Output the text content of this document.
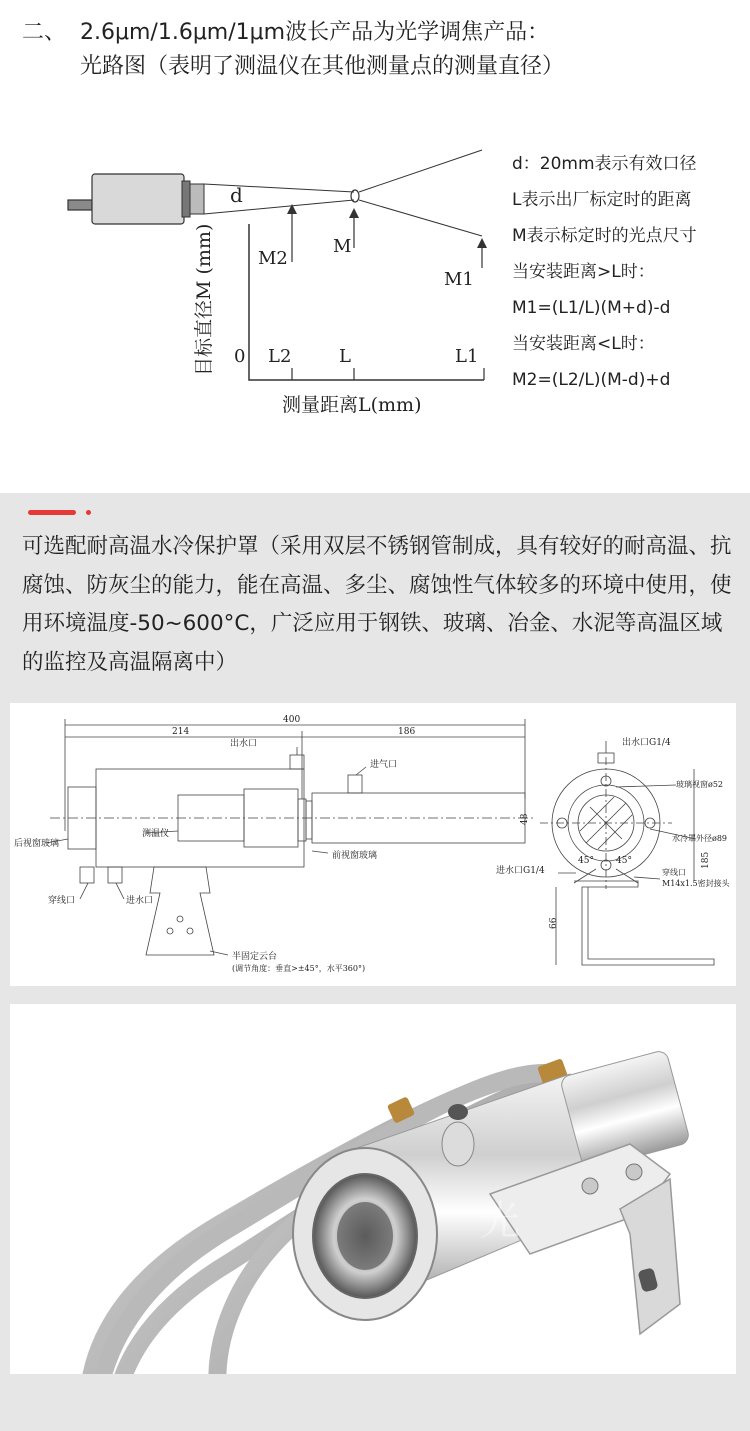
二、 2.6μm/1.6μm/1μm波长产品为光学调焦产品：
光路图（表明了测温仪在其他测量点的测量直径）
d
M2
M
M1
0 L2	L	L1
目标直径M (mm)
测量距离L(mm)
d：20mm表示有效口径
L表示出厂标定时的距离
M表示标定时的光点尺寸
当安装距离>L时：
M1=(L1/L)(M+d)-d
当安装距离<L时：
M2=(L2/L)(M-d)+d
可选配耐高温水冷保护罩（采用双层不锈钢管制成，具有较好的耐高温、抗腐蚀、防灰尘的能力，能在高温、多尘、腐蚀性气体较多的环境中使用，使用环境温度-50~600°C，广泛应用于钢铁、玻璃、冶金、水泥等高温区域的监控及高温隔离中）
400
214	186
48
出水口
进气口
测温仪
后视窗玻璃
前视窗玻璃
穿线口	进水口
半固定云台
(调节角度：垂直>±45°，水平360°)
出水口G1/4
玻璃视窗ø52
水冷罩外径ø89
进水口G1/4	穿线口
M14x1.5密封接头
45° 45°	185
66
光
